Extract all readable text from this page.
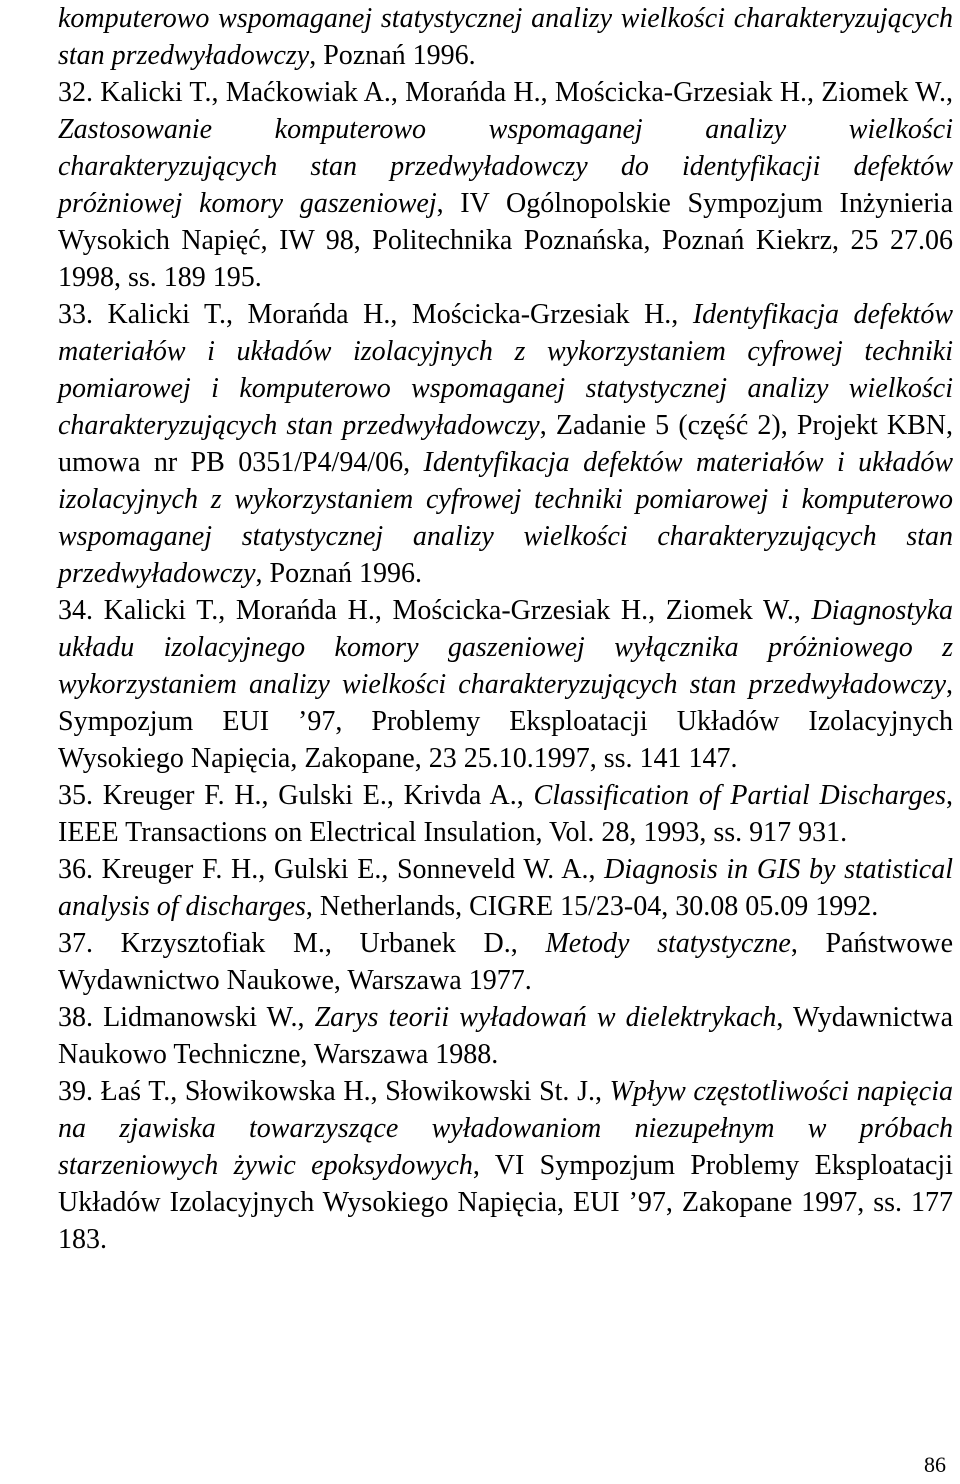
komputerowo wspomaganej statystycznej analizy wielkości charakteryzujących stan przedwyładowczy, Poznań 1996.

32. Kalicki T., Maćkowiak A., Morańda H., Mościcka-Grzesiak H., Ziomek W., Zastosowanie komputerowo wspomaganej analizy wielkości charakteryzujących stan przedwyładowczy do identyfikacji defektów próżniowej komory gaszeniowej, IV Ogólnopolskie Sympozjum Inżynieria Wysokich Napięć, IW 98, Politechnika Poznańska, Poznań Kiekrz, 25 27.06 1998, ss. 189 195.

33. Kalicki T., Morańda H., Mościcka-Grzesiak H., Identyfikacja defektów materiałów i układów izolacyjnych z wykorzystaniem cyfrowej techniki pomiarowej i komputerowo wspomaganej statystycznej analizy wielkości charakteryzujących stan przedwyładowczy, Zadanie 5 (część 2), Projekt KBN, umowa nr PB 0351/P4/94/06, Identyfikacja defektów materiałów i układów izolacyjnych z wykorzystaniem cyfrowej techniki pomiarowej i komputerowo wspomaganej statystycznej analizy wielkości charakteryzujących stan przedwyładowczy, Poznań 1996.

34. Kalicki T., Morańda H., Mościcka-Grzesiak H., Ziomek W., Diagnostyka układu izolacyjnego komory gaszeniowej wyłącznika próżniowego z wykorzystaniem analizy wielkości charakteryzujących stan przedwyładowczy, Sympozjum EUI ’97, Problemy Eksploatacji Układów Izolacyjnych Wysokiego Napięcia, Zakopane, 23 25.10.1997, ss. 141 147.

35. Kreuger F. H., Gulski E., Krivda A., Classification of Partial Discharges, IEEE Transactions on Electrical Insulation, Vol. 28, 1993, ss. 917 931.

36. Kreuger F. H., Gulski E., Sonneveld W. A., Diagnosis in GIS by statistical analysis of discharges, Netherlands, CIGRE 15/23-04, 30.08 05.09 1992.

37. Krzysztofiak M., Urbanek D., Metody statystyczne, Państwowe Wydawnictwo Naukowe, Warszawa 1977.

38. Lidmanowski W., Zarys teorii wyładowań w dielektrykach, Wydawnictwa Naukowo Techniczne, Warszawa 1988.

39. Łaś T., Słowikowska H., Słowikowski St. J., Wpływ częstotliwości napięcia na zjawiska towarzyszące wyładowaniom niezupełnym w próbach starzeniowych żywic epoksydowych, VI Sympozjum Problemy Eksploatacji Układów Izolacyjnych Wysokiego Napięcia, EUI ’97, Zakopane 1997, ss. 177 183.

86
